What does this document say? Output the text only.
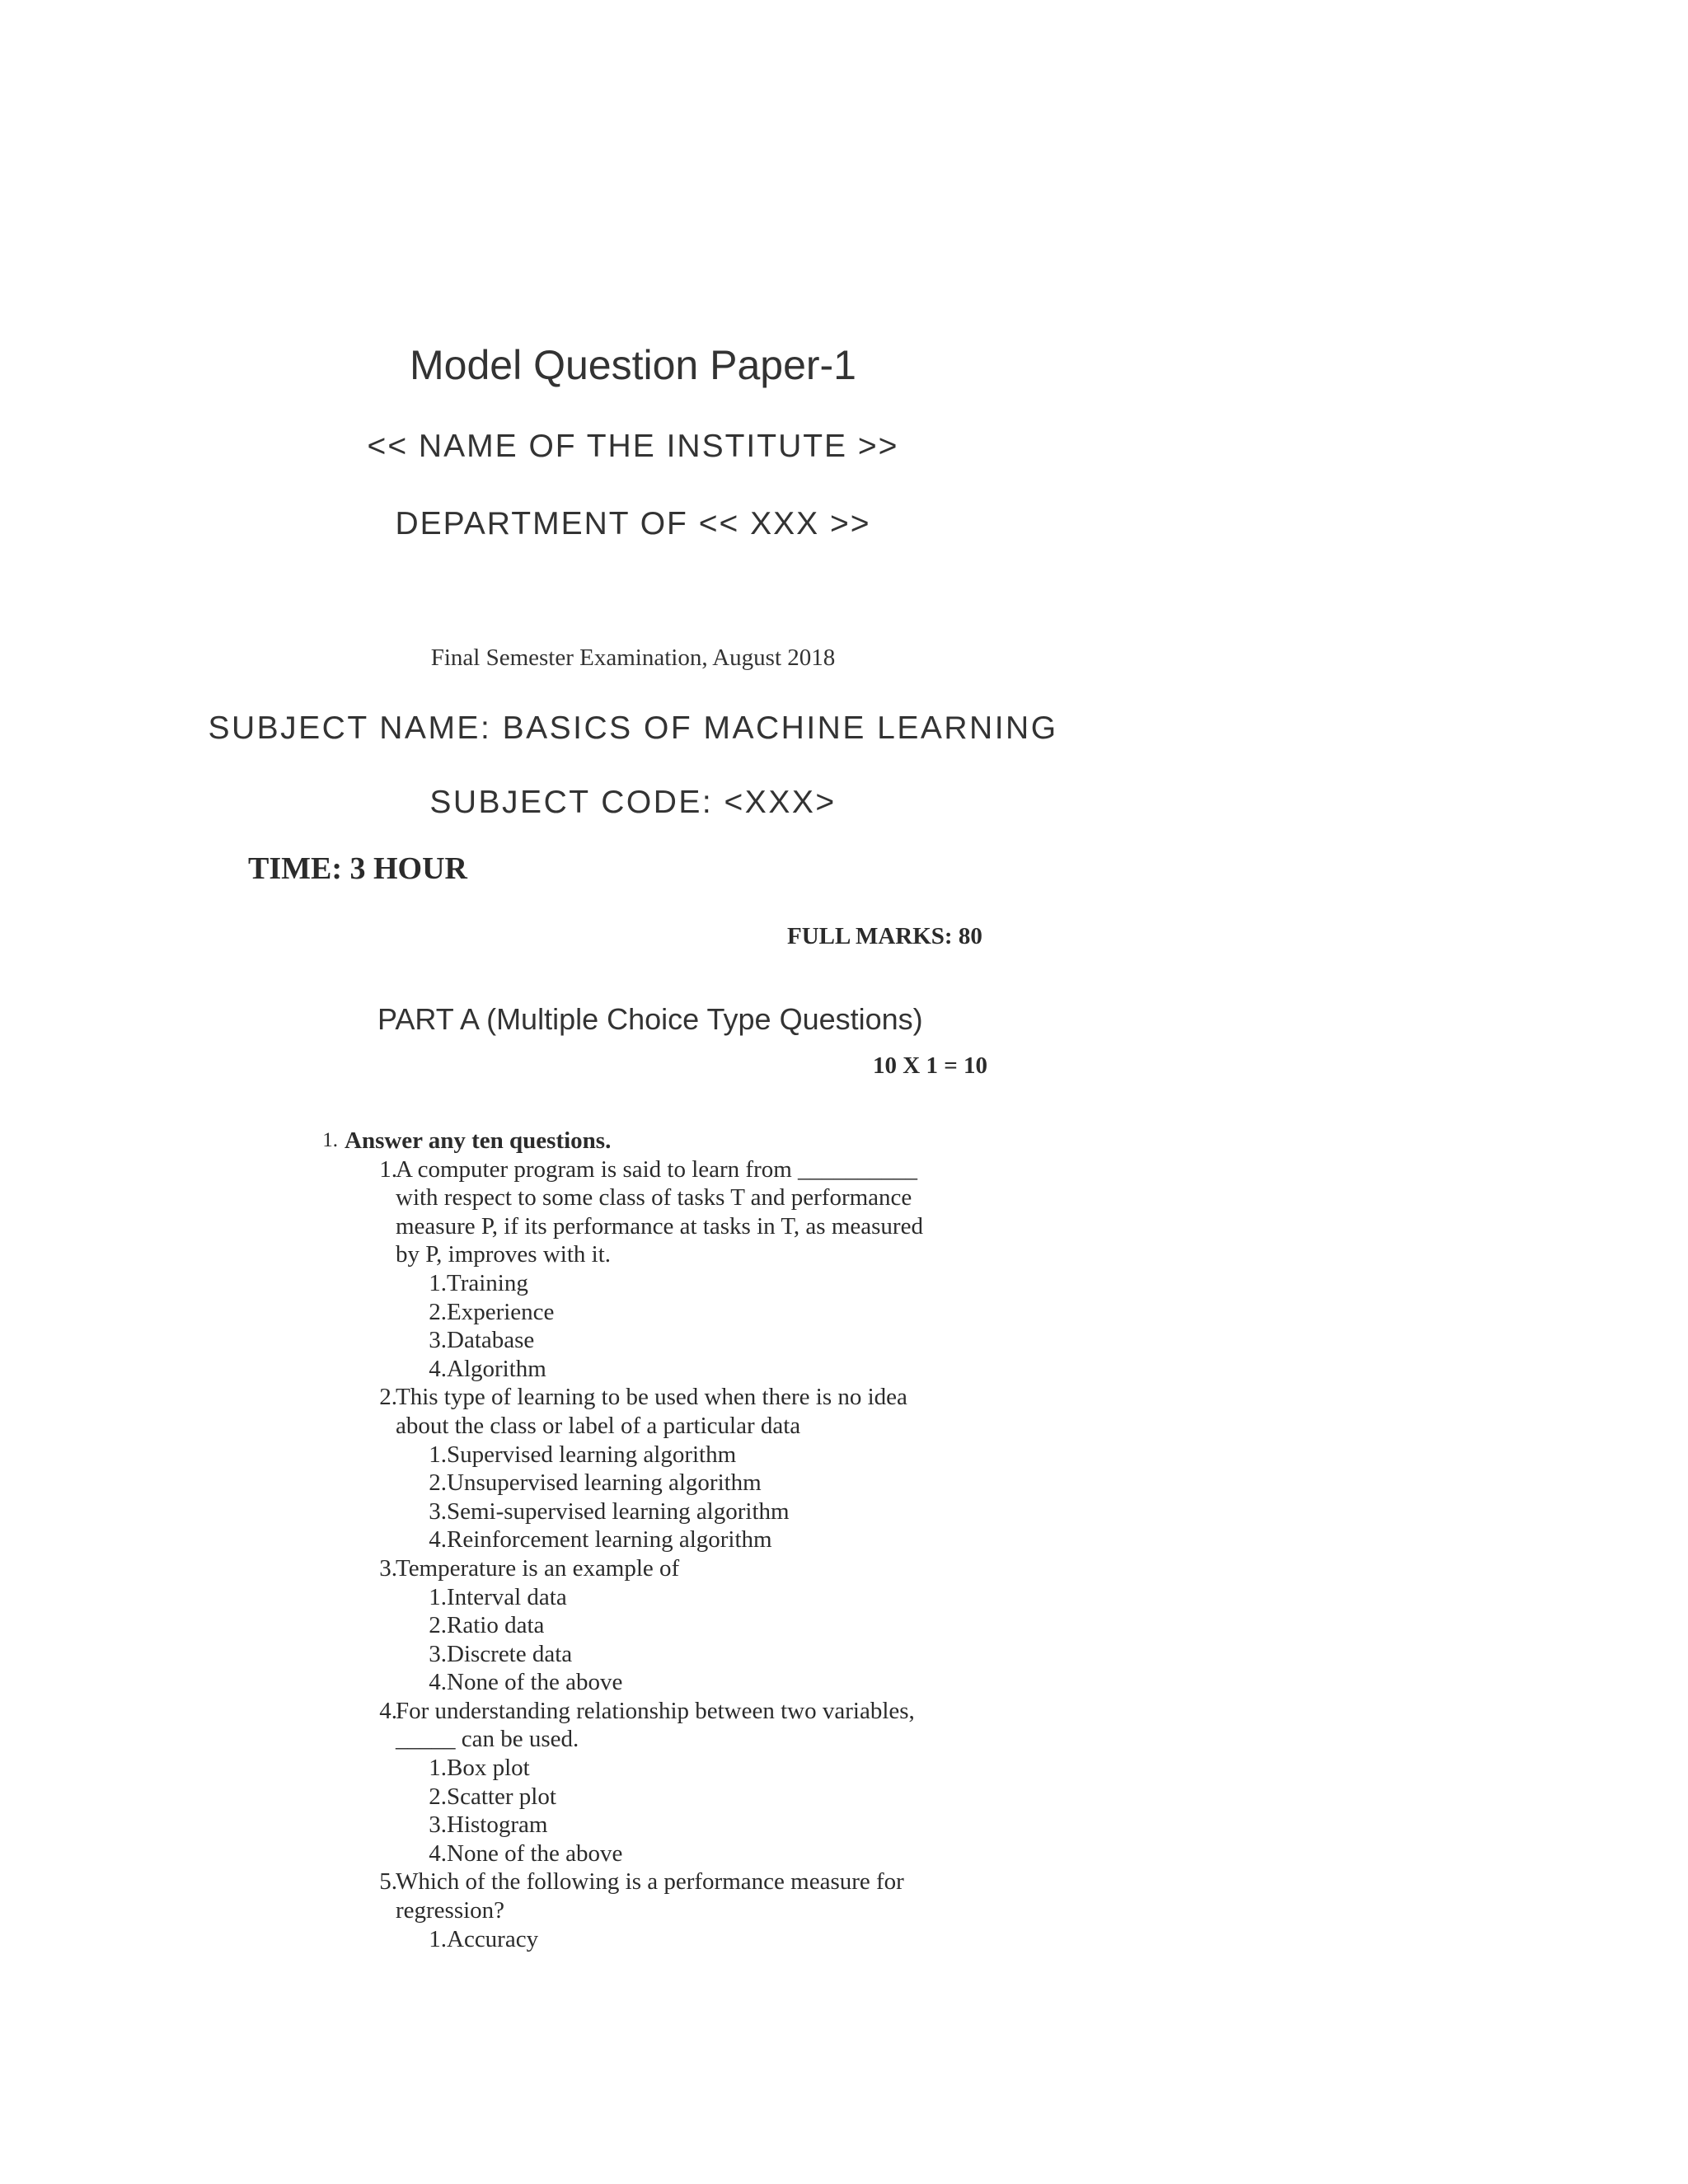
Model Question Paper-1
<< NAME OF THE INSTITUTE >>
DEPARTMENT OF << XXX >>
Final Semester Examination, August 2018
SUBJECT NAME: BASICS OF MACHINE LEARNING
SUBJECT CODE: <XXX>
TIME: 3 HOUR
FULL MARKS: 80
PART A (Multiple Choice Type Questions)
10 X 1 = 10
1. Answer any ten questions.
1.
A computer program is said to learn from __________
with respect to some class of tasks T and performance
measure P, if its performance at tasks in T, as measured
by P, improves with it.
1. Training
2. Experience
3. Database
4. Algorithm
2.
This type of learning to be used when there is no idea
about the class or label of a particular data
1. Supervised learning algorithm
2. Unsupervised learning algorithm
3. Semi-supervised learning algorithm
4. Reinforcement learning algorithm
3.
Temperature is an example of
1. Interval data
2. Ratio data
3. Discrete data
4. None of the above
4.
For understanding relationship between two variables,
_____ can be used.
1. Box plot
2. Scatter plot
3. Histogram
4. None of the above
5.
Which of the following is a performance measure for
regression?
1. Accuracy
